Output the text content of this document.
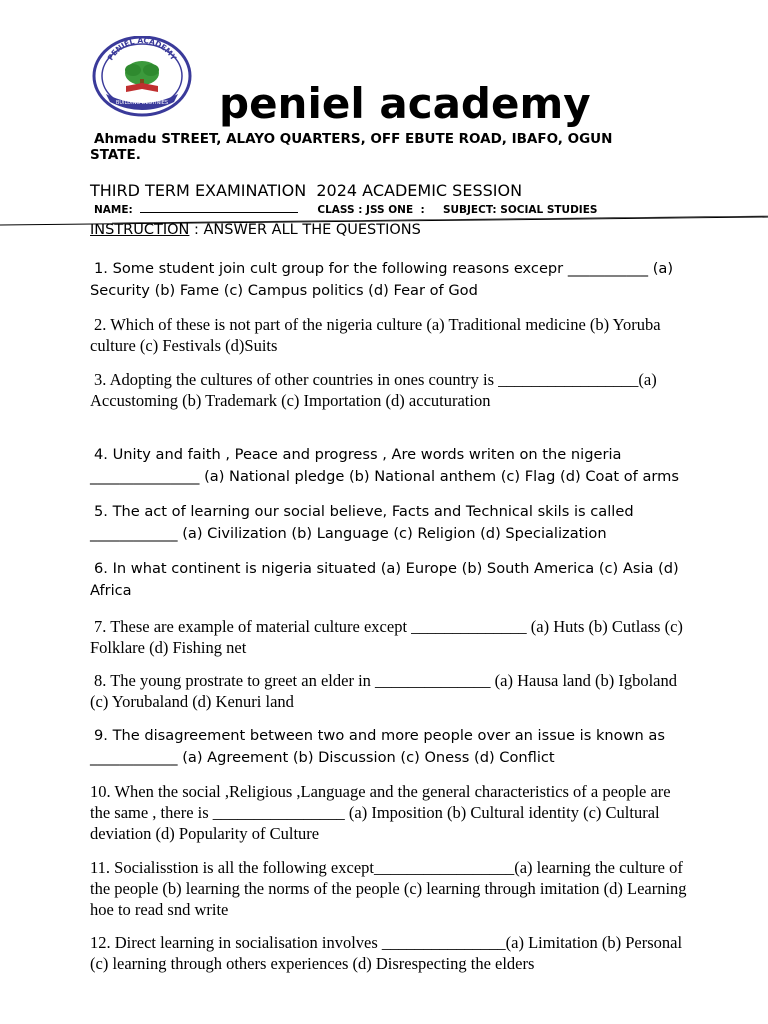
PENIEL ACADEMY
BUILDING DESTINIES peniel academy
Ahmadu STREET, ALAYO QUARTERS, OFF EBUTE ROAD, IBAFO, OGUN STATE.
THIRD TERM EXAMINATION  2024 ACADEMIC SESSION
NAME:	CLASS : JSS ONE  : SUBJECT: SOCIAL STUDIES
INSTRUCTION : ANSWER ALL THE QUESTIONS
1. Some student join cult group for the following reasons excepr ___________ (a) Security (b) Fame (c) Campus politics (d) Fear of God
2. Which of these is not part of the nigeria culture (a) Traditional medicine (b) Yoruba culture (c) Festivals (d)Suits
3. Adopting the cultures of other countries in ones country is _________________(a) Accustoming (b) Trademark (c) Importation (d) accuturation
4. Unity and faith , Peace and progress , Are words writen on the nigeria _______________ (a) National pledge (b) National anthem (c) Flag (d) Coat of arms
5. The act of learning our social believe, Facts and Technical skils is called ____________ (a) Civilization (b) Language (c) Religion (d) Specialization
6. In what continent is nigeria situated (a) Europe (b) South America (c) Asia (d) Africa
7. These are example of material culture except ______________ (a) Huts (b) Cutlass (c) Folklare (d) Fishing net
8. The young prostrate to greet an elder in ______________ (a) Hausa land (b) Igboland (c) Yorubaland (d) Kenuri land
9. The disagreement between two and more people over an issue is known as ____________ (a) Agreement (b) Discussion (c) Oness (d) Conflict
10. When the social ,Religious ,Language and the general characteristics of a people are the same , there is ________________ (a) Imposition (b) Cultural identity (c) Cultural deviation (d) Popularity of Culture
11. Socialisstion is all the following except_________________(a) learning the culture of the people (b) learning the norms of the people (c) learning through imitation (d) Learning hoe to read snd write
12. Direct learning in socialisation involves _______________(a) Limitation (b) Personal (c) learning through others experiences (d) Disrespecting the elders
